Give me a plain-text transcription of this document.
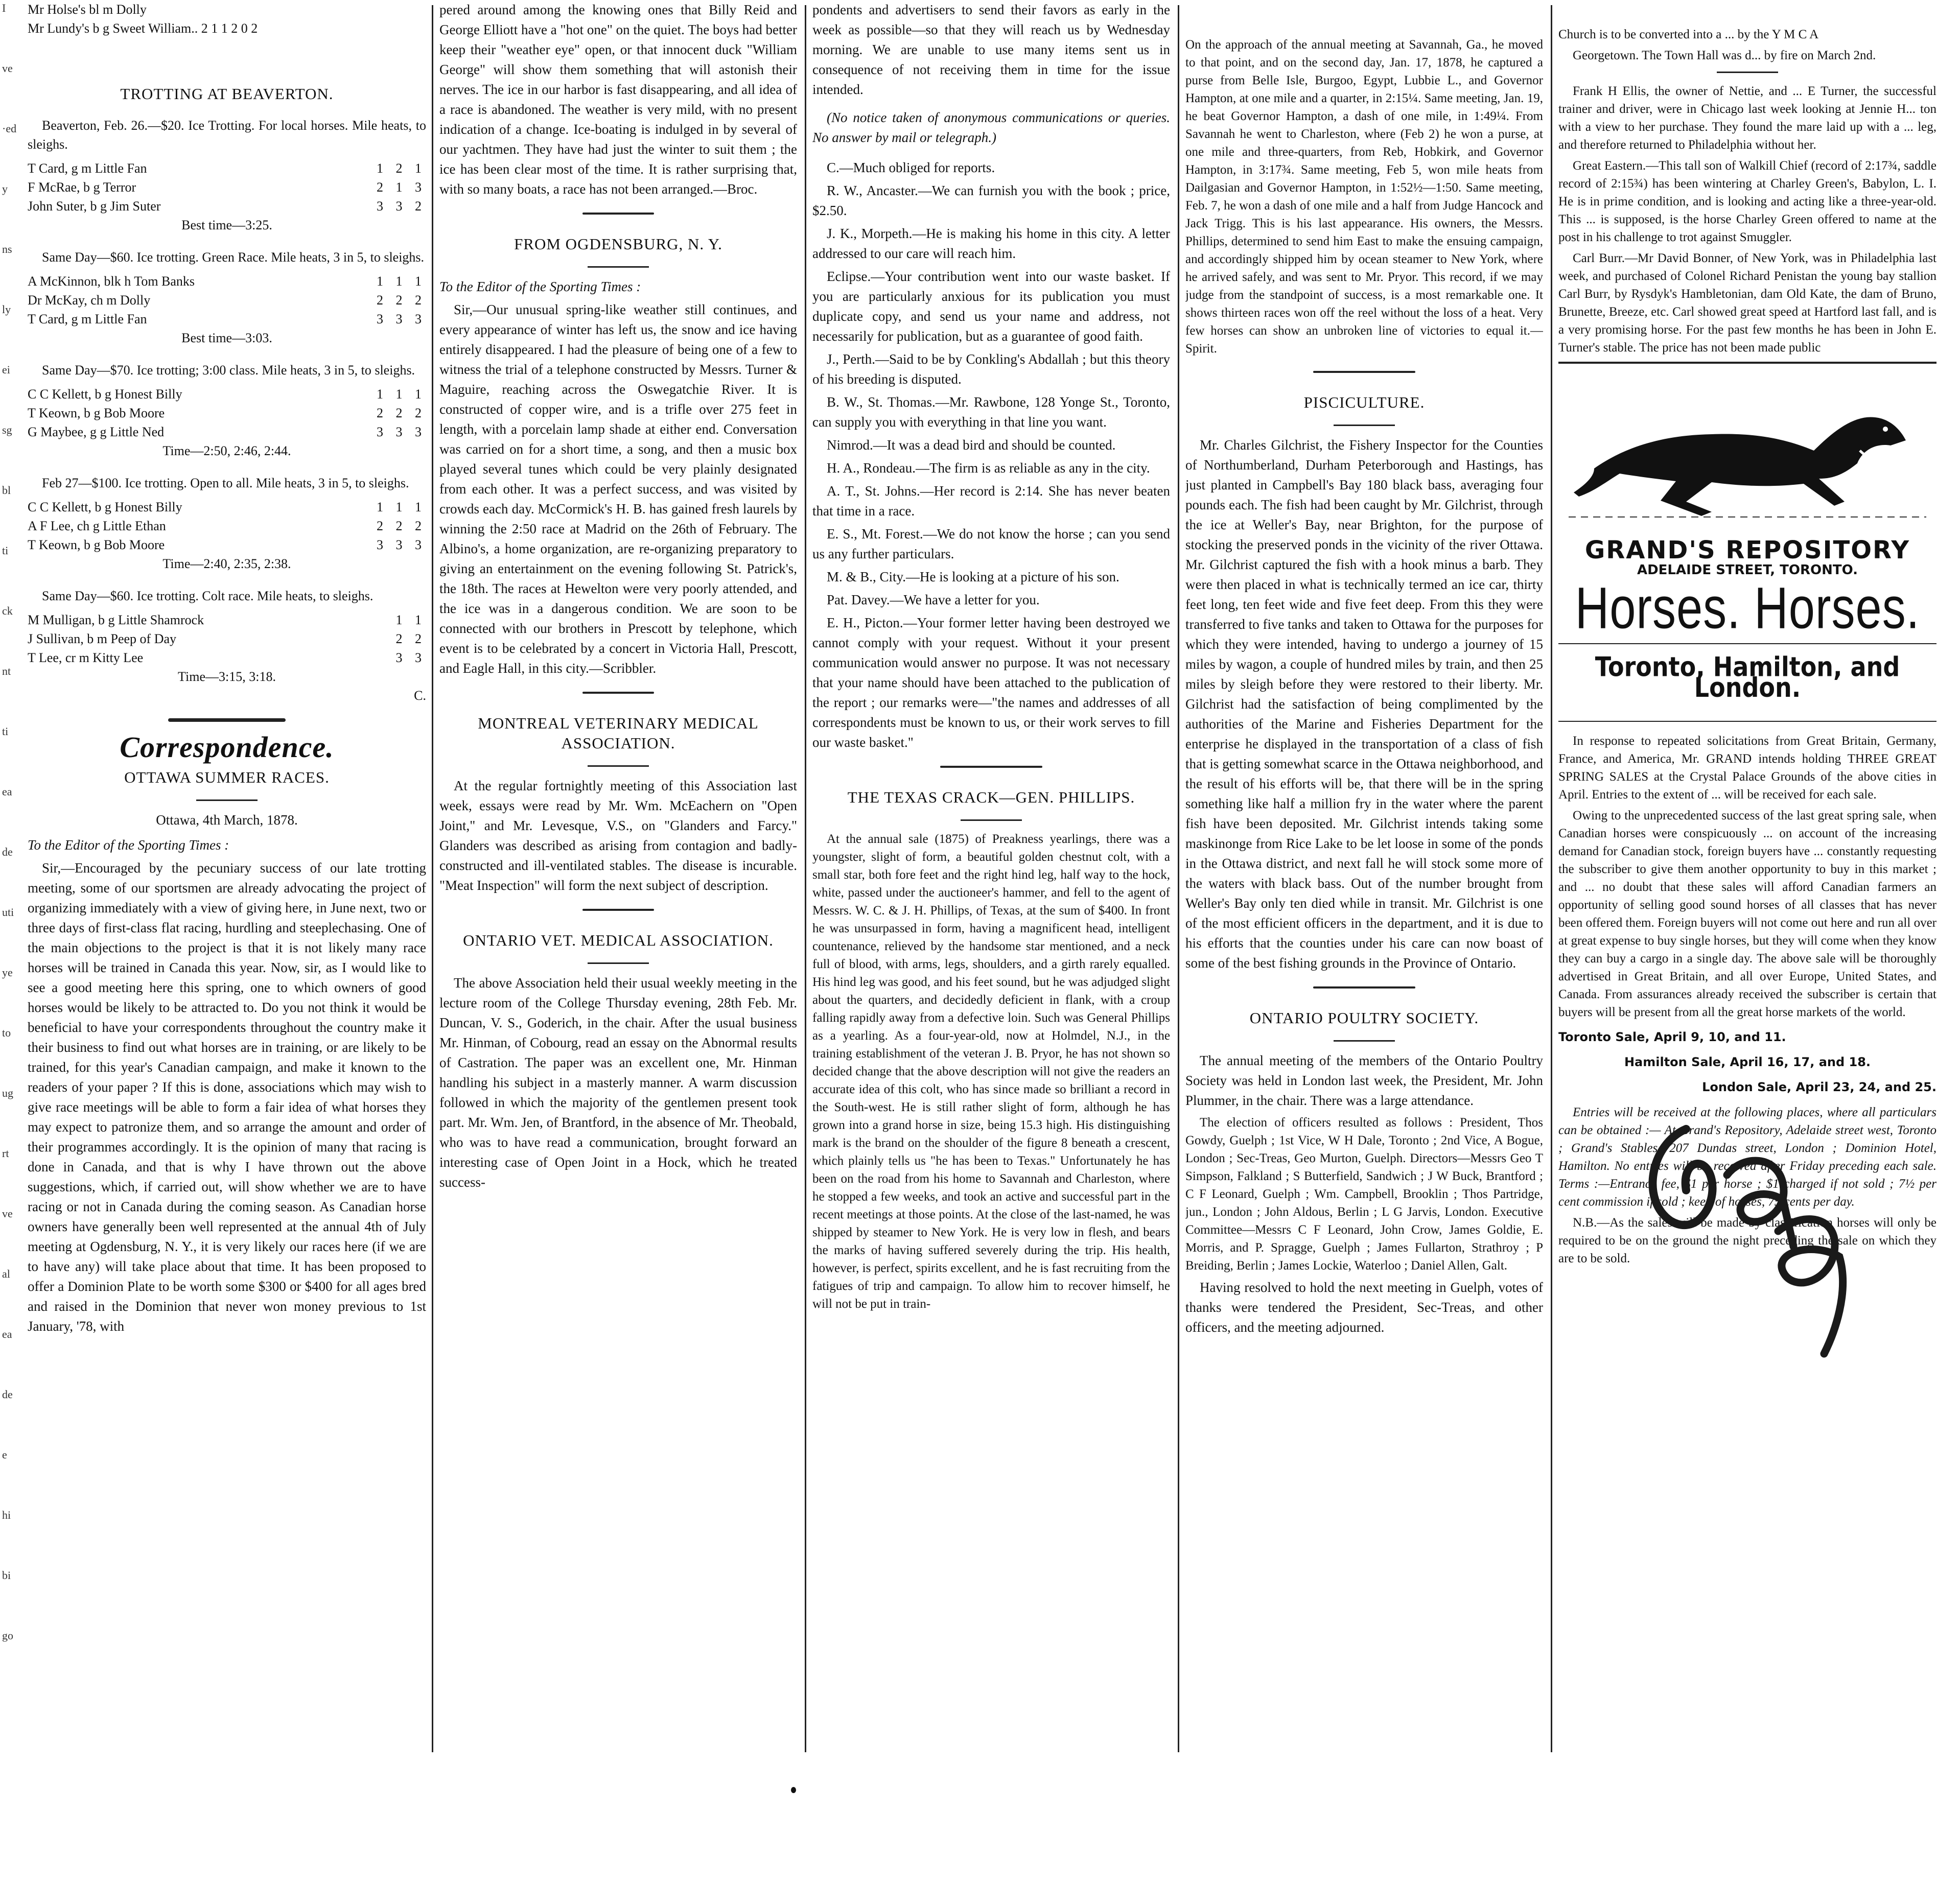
I
ve
·ed
y
ns
ly
ei
sg
bl
ti
ck
nt
ti
ea
de
uti
ye
to
ug
rt
ve
al
ea
de
e
hi
bi
go
Mr Holse's bl m Dolly
Mr Lundy's b g Sweet William.. 2 1 1 2 0 2
TROTTING AT BEAVERTON.

Beaverton, Feb. 26.—$20. Ice Trotting. For local horses. Mile heats, to sleighs.

T Card, g m Little Fan	1 2 1
F McRae, b g Terror	2 1 3
John Suter, b g Jim Suter	3 3 2
Best time—3:25.

Same Day—$60. Ice trotting. Green Race. Mile heats, 3 in 5, to sleighs.

A McKinnon, blk h Tom Banks	1 1 1
Dr McKay, ch m Dolly	2 2 2
T Card, g m Little Fan	3 3 3
Best time—3:03.

Same Day—$70. Ice trotting; 3:00 class. Mile heats, 3 in 5, to sleighs.

C C Kellett, b g Honest Billy	1 1 1
T Keown, b g Bob Moore	2 2 2
G Maybee, g g Little Ned	3 3 3
Time—2:50, 2:46, 2:44.

Feb 27—$100. Ice trotting. Open to all. Mile heats, 3 in 5, to sleighs.

C C Kellett, b g Honest Billy	1 1 1
A F Lee, ch g Little Ethan	2 2 2
T Keown, b g Bob Moore	3 3 3
Time—2:40, 2:35, 2:38.

Same Day—$60. Ice trotting. Colt race. Mile heats, to sleighs.

M Mulligan, b g Little Shamrock	1 1
J Sullivan, b m Peep of Day	2 2
T Lee, cr m Kitty Lee	3 3
Time—3:15, 3:18.
C.
Correspondence.
OTTAWA SUMMER RACES.
Ottawa, 4th March, 1878.

To the Editor of the Sporting Times :

Sir,—Encouraged by the pecuniary success of our late trotting meeting, some of our sportsmen are already advocating the project of organizing immediately with a view of giving here, in June next, two or three days of first-class flat racing, hurdling and steeplechasing. One of the main objections to the project is that it is not likely many race horses will be trained in Canada this year. Now, sir, as I would like to see a good meeting here this spring, one to which owners of good horses would be likely to be attracted to. Do you not think it would be beneficial to have your correspondents throughout the country make it their business to find out what horses are in training, or are likely to be trained, for this year's Canadian campaign, and make it known to the readers of your paper ? If this is done, associations which may wish to give race meetings will be able to form a fair idea of what horses they may expect to patronize them, and so arrange the amount and order of their programmes accordingly. It is the opinion of many that racing is done in Canada, and that is why I have thrown out the above suggestions, which, if carried out, will show whether we are to have racing or not in Canada during the coming season. As Canadian horse owners have generally been well represented at the annual 4th of July meeting at Ogdensburg, N. Y., it is very likely our races here (if we are to have any) will take place about that time. It has been proposed to offer a Dominion Plate to be worth some $300 or $400 for all ages bred and raised in the Dominion that never won money previous to 1st January, '78, with

pered around among the knowing ones that Billy Reid and George Elliott have a "hot one" on the quiet. The boys had better keep their "weather eye" open, or that innocent duck "William George" will show them something that will astonish their nerves. The ice in our harbor is fast disappearing, and all idea of a race is abandoned. The weather is very mild, with no present indication of a change. Ice-boating is indulged in by several of our yachtmen. They have had just the winter to suit them ; the ice has been clear most of the time. It is rather surprising that, with so many boats, a race has not been arranged.—Broc.

FROM OGDENSBURG, N. Y.

To the Editor of the Sporting Times :

Sir,—Our unusual spring-like weather still continues, and every appearance of winter has left us, the snow and ice having entirely disappeared. I had the pleasure of being one of a few to witness the trial of a telephone constructed by Messrs. Turner & Maguire, reaching across the Oswegatchie River. It is constructed of copper wire, and is a trifle over 275 feet in length, with a porcelain lamp shade at either end. Conversation was carried on for a short time, a song, and then a music box played several tunes which could be very plainly designated from each other. It was a perfect success, and was visited by crowds each day. McCormick's H. B. has gained fresh laurels by winning the 2:50 race at Madrid on the 26th of February. The Albino's, a home organization, are re-organizing preparatory to giving an entertainment on the evening following St. Patrick's, the 18th. The races at Hewelton were very poorly attended, and the ice was in a dangerous condition. We are soon to be connected with our brothers in Prescott by telephone, which event is to be celebrated by a concert in Victoria Hall, Prescott, and Eagle Hall, in this city.—Scribbler.

MONTREAL VETERINARY MEDICAL ASSOCIATION.

At the regular fortnightly meeting of this Association last week, essays were read by Mr. Wm. McEachern on "Open Joint," and Mr. Levesque, V.S., on "Glanders and Farcy." Glanders was described as arising from contagion and badly-constructed and ill-ventilated stables. The disease is incurable. "Meat Inspection" will form the next subject of description.

ONTARIO VET. MEDICAL ASSOCIATION.

The above Association held their usual weekly meeting in the lecture room of the College Thursday evening, 28th Feb. Mr. Duncan, V. S., Goderich, in the chair. After the usual business Mr. Hinman, of Cobourg, read an essay on the Abnormal results of Castration. The paper was an excellent one, Mr. Hinman handling his subject in a masterly manner. A warm discussion followed in which the majority of the gentlemen present took part. Mr. Wm. Jen, of Brantford, in the absence of Mr. Theobald, who was to have read a communication, brought forward an interesting case of Open Joint in a Hock, which he treated success-

pondents and advertisers to send their favors as early in the week as possible—so that they will reach us by Wednesday morning. We are unable to use many items sent us in consequence of not receiving them in time for the issue intended.

(No notice taken of anonymous communications or queries. No answer by mail or telegraph.)

C.—Much obliged for reports.

R. W., Ancaster.—We can furnish you with the book ; price, $2.50.

J. K., Morpeth.—He is making his home in this city. A letter addressed to our care will reach him.

Eclipse.—Your contribution went into our waste basket. If you are particularly anxious for its publication you must duplicate copy, and send us your name and address, not necessarily for publication, but as a guarantee of good faith.

J., Perth.—Said to be by Conkling's Abdallah ; but this theory of his breeding is disputed.

B. W., St. Thomas.—Mr. Rawbone, 128 Yonge St., Toronto, can supply you with everything in that line you want.

Nimrod.—It was a dead bird and should be counted.

H. A., Rondeau.—The firm is as reliable as any in the city.

A. T., St. Johns.—Her record is 2:14. She has never beaten that time in a race.

E. S., Mt. Forest.—We do not know the horse ; can you send us any further particulars.

M. & B., City.—He is looking at a picture of his son.

Pat. Davey.—We have a letter for you.

E. H., Picton.—Your former letter having been destroyed we cannot comply with your request. Without it your present communication would answer no purpose. It was not necessary that your name should have been attached to the publication of the report ; our remarks were—"the names and addresses of all correspondents must be known to us, or their work serves to fill our waste basket."

THE TEXAS CRACK—GEN. PHILLIPS.

At the annual sale (1875) of Preakness yearlings, there was a youngster, slight of form, a beautiful golden chestnut colt, with a small star, both fore feet and the right hind leg, half way to the hock, white, passed under the auctioneer's hammer, and fell to the agent of Messrs. W. C. & J. H. Phillips, of Texas, at the sum of $400. In front he was unsurpassed in form, having a magnificent head, intelligent countenance, relieved by the handsome star mentioned, and a neck full of blood, with arms, legs, shoulders, and a girth rarely equalled. His hind leg was good, and his feet sound, but he was adjudged slight about the quarters, and decidedly deficient in flank, with a croup falling rapidly away from a defective loin. Such was General Phillips as a yearling. As a four-year-old, now at Holmdel, N.J., in the training establishment of the veteran J. B. Pryor, he has not shown so decided change that the above description will not give the readers an accurate idea of this colt, who has since made so brilliant a record in the South-west. He is still rather slight of form, although he has grown into a grand horse in size, being 15.3 high. His distinguishing mark is the brand on the shoulder of the figure 8 beneath a crescent, which plainly tells us "he has been to Texas." Unfortunately he has been on the road from his home to Savannah and Charleston, where he stopped a few weeks, and took an active and successful part in the recent meetings at those points. At the close of the last-named, he was shipped by steamer to New York. He is very low in flesh, and bears the marks of having suffered severely during the trip. His health, however, is perfect, spirits excellent, and he is fast recruiting from the fatigues of trip and campaign. To allow him to recover himself, he will not be put in train-

On the approach of the annual meeting at Savannah, Ga., he moved to that point, and on the second day, Jan. 17, 1878, he captured a purse from Belle Isle, Burgoo, Egypt, Lubbie L., and Governor Hampton, at one mile and a quarter, in 2:15¼. Same meeting, Jan. 19, he beat Governor Hampton, a dash of one mile, in 1:49¼. From Savannah he went to Charleston, where (Feb 2) he won a purse, at one mile and three-quarters, from Reb, Hobkirk, and Governor Hampton, in 3:17¾. Same meeting, Feb 5, won mile heats from Dailgasian and Governor Hampton, in 1:52½—1:50. Same meeting, Feb. 7, he won a dash of one mile and a half from Judge Hancock and Jack Trigg. This is his last appearance. His owners, the Messrs. Phillips, determined to send him East to make the ensuing campaign, and accordingly shipped him by ocean steamer to New York, where he arrived safely, and was sent to Mr. Pryor. This record, if we may judge from the standpoint of success, is a most remarkable one. It shows thirteen races won off the reel without the loss of a heat. Very few horses can show an unbroken line of victories to equal it.—Spirit.

PISCICULTURE.

Mr. Charles Gilchrist, the Fishery Inspector for the Counties of Northumberland, Durham Peterborough and Hastings, has just planted in Campbell's Bay 180 black bass, averaging four pounds each. The fish had been caught by Mr. Gilchrist, through the ice at Weller's Bay, near Brighton, for the purpose of stocking the preserved ponds in the vicinity of the river Ottawa. Mr. Gilchrist captured the fish with a hook minus a barb. They were then placed in what is technically termed an ice car, thirty feet long, ten feet wide and five feet deep. From this they were transferred to five tanks and taken to Ottawa for the purposes for which they were intended, having to undergo a journey of 15 miles by wagon, a couple of hundred miles by train, and then 25 miles by sleigh before they were restored to their liberty. Mr. Gilchrist had the satisfaction of being complimented by the authorities of the Marine and Fisheries Department for the enterprise he displayed in the transportation of a class of fish that is getting somewhat scarce in the Ottawa neighborhood, and the result of his efforts will be, that there will be in the spring something like half a million fry in the water where the parent fish have been deposited. Mr. Gilchrist intends taking some maskinonge from Rice Lake to be let loose in some of the ponds in the Ottawa district, and next fall he will stock some more of the waters with black bass. Out of the number brought from Weller's Bay only ten died while in transit. Mr. Gilchrist is one of the most efficient officers in the department, and it is due to his efforts that the counties under his care can now boast of some of the best fishing grounds in the Province of Ontario.

ONTARIO POULTRY SOCIETY.

The annual meeting of the members of the Ontario Poultry Society was held in London last week, the President, Mr. John Plummer, in the chair. There was a large attendance.

The election of officers resulted as follows : President, Thos Gowdy, Guelph ; 1st Vice, W H Dale, Toronto ; 2nd Vice, A Bogue, London ; Sec-Treas, Geo Murton, Guelph. Directors—Messrs Geo T Simpson, Falkland ; S Butterfield, Sandwich ; J W Buck, Brantford ; C F Leonard, Guelph ; Wm. Campbell, Brooklin ; Thos Partridge, jun., London ; John Aldous, Berlin ; L G Jarvis, London. Executive Committee—Messrs C F Leonard, John Crow, James Goldie, E. Morris, and P. Spragge, Guelph ; James Fullarton, Strathroy ; P Breiding, Berlin ; James Lockie, Waterloo ; Daniel Allen, Galt.

Having resolved to hold the next meeting in Guelph, votes of thanks were tendered the President, Sec-Treas, and other officers, and the meeting adjourned.

Church is to be converted into a ... by the Y M C A

Georgetown. The Town Hall was d... by fire on March 2nd.

Frank H Ellis, the owner of Nettie, and ... E Turner, the successful trainer and driver, were in Chicago last week looking at Jennie H... ton with a view to her purchase. They found the mare laid up with a ... leg, and therefore returned to Philadelphia without her.

Great Eastern.—This tall son of Walkill Chief (record of 2:17¾, saddle record of 2:15¾) has been wintering at Charley Green's, Babylon, L. I. He is in prime condition, and is looking and acting like a three-year-old. This ... is supposed, is the horse Charley Green offered to name at the post in his challenge to trot against Smuggler.

Carl Burr.—Mr David Bonner, of New York, was in Philadelphia last week, and purchased of Colonel Richard Penistan the young bay stallion Carl Burr, by Rysdyk's Hambletonian, dam Old Kate, the dam of Bruno, Brunette, Breeze, etc. Carl showed great speed at Hartford last fall, and is a very promising horse. For the past few months he has been in John E. Turner's stable. The price has not been made public

GRAND'S REPOSITORY
ADELAIDE STREET, TORONTO.
Horses. Horses.
Toronto, Hamilton, and London.

In response to repeated solicitations from Great Britain, Germany, France, and America, Mr. GRAND intends holding THREE GREAT SPRING SALES at the Crystal Palace Grounds of the above cities in April. Entries to the extent of ... will be received for each sale.

Owing to the unprecedented success of the last great spring sale, when Canadian horses were conspicuously ... on account of the increasing demand for Canadian stock, foreign buyers have ... constantly requesting the subscriber to give them another opportunity to buy in this market ; and ... no doubt that these sales will afford Canadian farmers an opportunity of selling good sound horses of all classes that has never been offered them. Foreign buyers will not come out here and run all over at great expense to buy single horses, but they will come when they know they can buy a cargo in a single day. The above sale will be thoroughly advertised in Great Britain, and all over Europe, United States, and Canada. From assurances already received the subscriber is certain that buyers will be present from all the great horse markets of the world.

Toronto Sale, April 9, 10, and 11.
Hamilton Sale, April 16, 17, and 18.
London Sale, April 23, 24, and 25.

Entries will be received at the following places, where all particulars can be obtained :— At Grand's Repository, Adelaide street west, Toronto ; Grand's Stables, 207 Dundas street, London ; Dominion Hotel, Hamilton. No entries will be received after Friday preceding each sale. Terms :—Entrance fee, $1 per horse ; $1 charged if not sold ; 7½ per cent commission if sold ; keep of horses, 75 cents per day.

N.B.—As the sales will be made by classification horses will only be required to be on the ground the night preceding the sale on which they are to be sold.
